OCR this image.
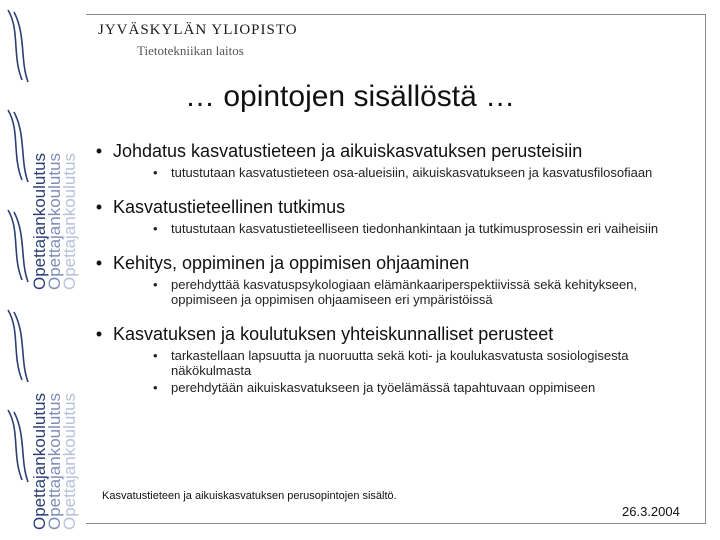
Opettajankoulutus
Opettajankoulutus
Opettajankoulutus
Opettajankoulutus
Opettajankoulutus
Opettajankoulutus
JYVÄSKYLÄN YLIOPISTO
Tietotekniikan laitos
… opintojen sisällöstä …
• Johdatus kasvatustieteen ja aikuiskasvatuksen perusteisiin
•	tutustutaan kasvatustieteen osa-alueisiin, aikuiskasvatukseen ja kasvatusfilosofiaan
• Kasvatustieteellinen tutkimus
•	tutustutaan kasvatustieteelliseen tiedonhankintaan ja tutkimusprosessin eri vaiheisiin
• Kehitys, oppiminen ja oppimisen ohjaaminen
•	perehdyttää kasvatuspsykologiaan elämänkaariperspektiivissä sekä kehitykseen, oppimiseen ja oppimisen ohjaamiseen eri ympäristöissä
• Kasvatuksen ja koulutuksen yhteiskunnalliset perusteet
•	tarkastellaan lapsuutta ja nuoruutta sekä koti- ja koulukasvatusta sosiologisesta näkökulmasta
•	perehdytään aikuiskasvatukseen ja työelämässä tapahtuvaan oppimiseen
Kasvatustieteen ja aikuiskasvatuksen perusopintojen sisältö.
26.3.2004
